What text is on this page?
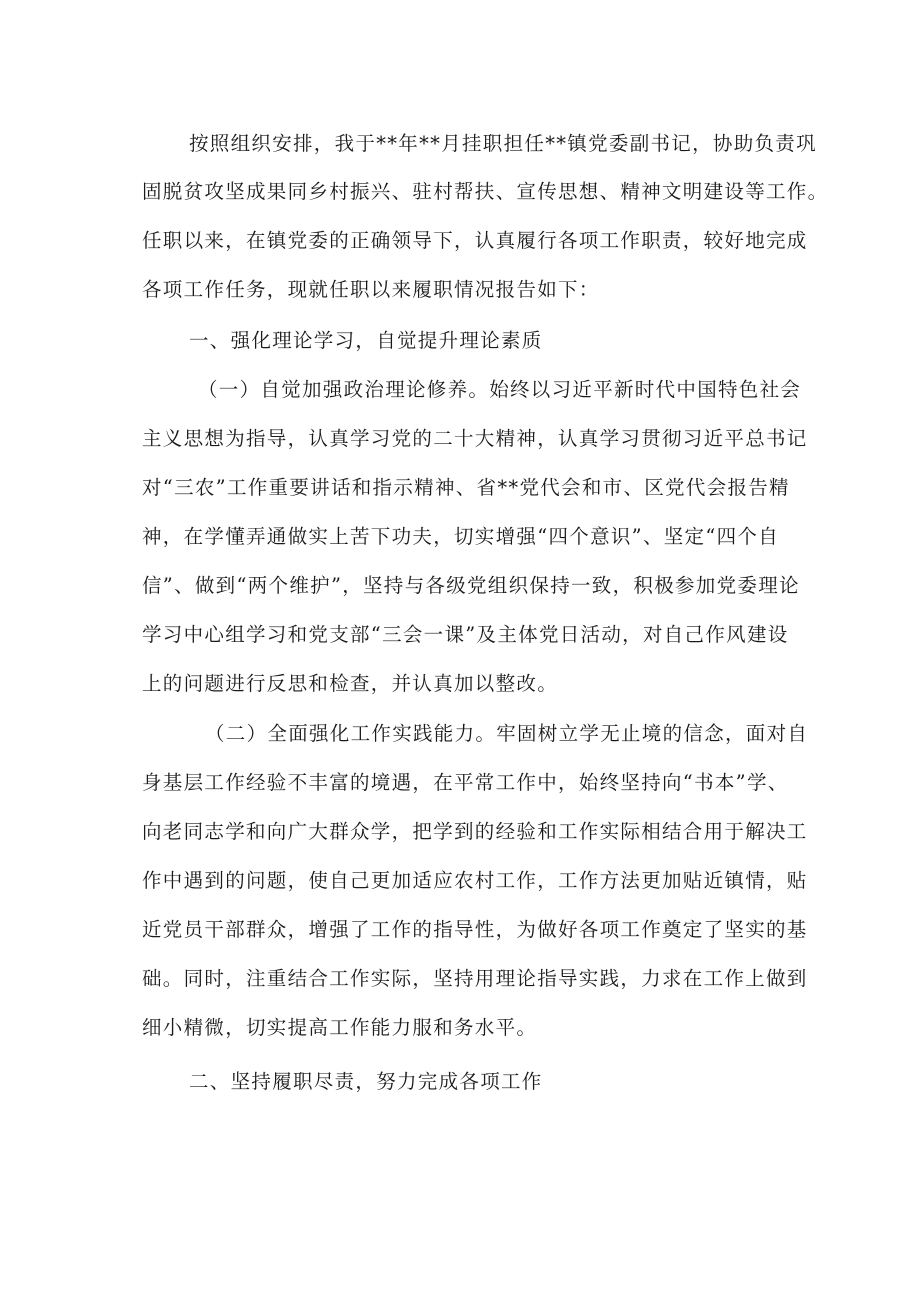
按照组织安排，我于**年**月挂职担任**镇党委副书记，协助负责巩

固脱贫攻坚成果同乡村振兴、驻村帮扶、宣传思想、精神文明建设等工作。

任职以来，在镇党委的正确领导下，认真履行各项工作职责，较好地完成

各项工作任务，现就任职以来履职情况报告如下：

一、强化理论学习，自觉提升理论素质

（一）自觉加强政治理论修养。始终以习近平新时代中国特色社会

主义思想为指导，认真学习党的二十大精神，认真学习贯彻习近平总书记

对“三农”工作重要讲话和指示精神、省**党代会和市、区党代会报告精

神，在学懂弄通做实上苦下功夫，切实增强“四个意识”、坚定“四个自

信”、做到“两个维护”，坚持与各级党组织保持一致，积极参加党委理论

学习中心组学习和党支部“三会一课”及主体党日活动，对自己作风建设

上的问题进行反思和检查，并认真加以整改。

（二）全面强化工作实践能力。牢固树立学无止境的信念，面对自

身基层工作经验不丰富的境遇，在平常工作中，始终坚持向“书本”学、

向老同志学和向广大群众学，把学到的经验和工作实际相结合用于解决工

作中遇到的问题，使自己更加适应农村工作，工作方法更加贴近镇情，贴

近党员干部群众，增强了工作的指导性，为做好各项工作奠定了坚实的基

础。同时，注重结合工作实际，坚持用理论指导实践，力求在工作上做到

细小精微，切实提高工作能力服和务水平。

二、坚持履职尽责，努力完成各项工作
